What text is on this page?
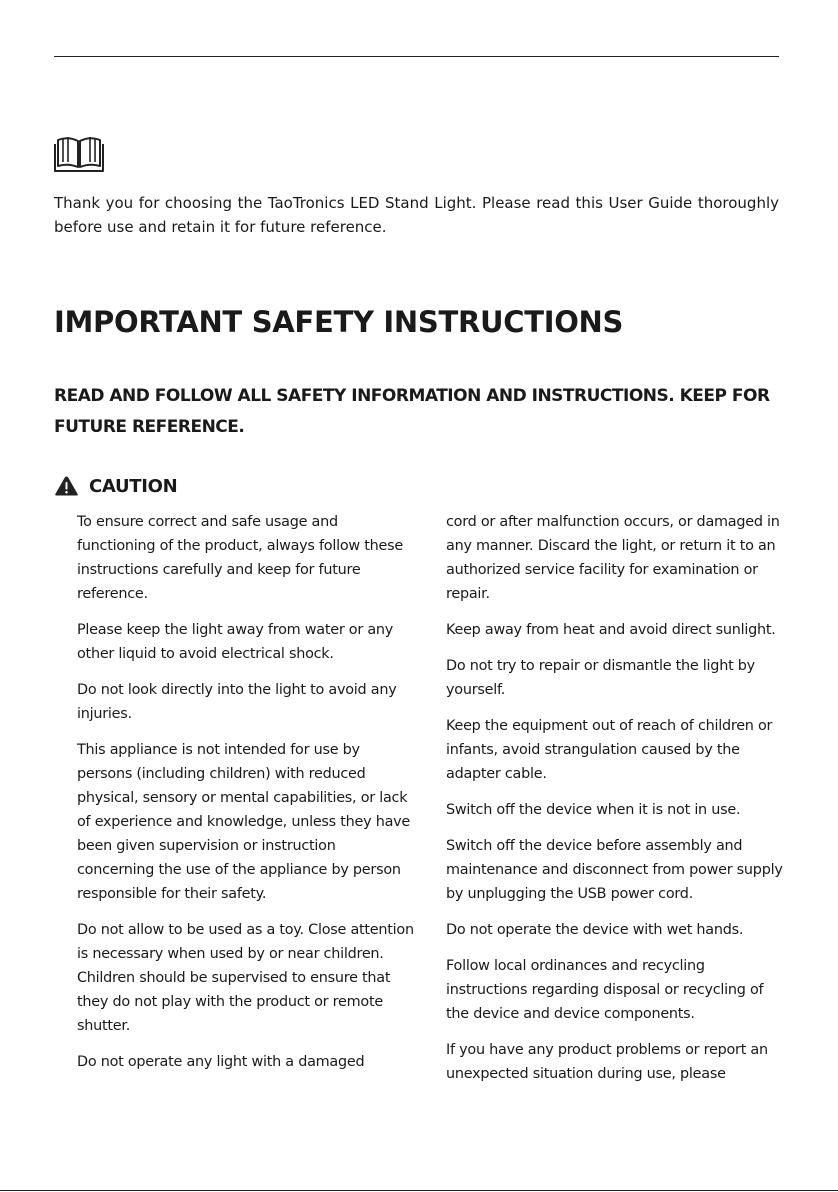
Thank you for choosing the TaoTronics LED Stand Light. Please read this User Guide thoroughly before use and retain it for future reference.

IMPORTANT SAFETY INSTRUCTIONS
READ AND FOLLOW ALL SAFETY INFORMATION AND INSTRUCTIONS. KEEP FOR FUTURE REFERENCE.
CAUTION

To ensure correct and safe usage and functioning of the product, always follow these instructions carefully and keep for future reference.

Please keep the light away from water or any other liquid to avoid electrical shock.

Do not look directly into the light to avoid any injuries.

This appliance is not intended for use by persons (including children) with reduced physical, sensory or mental capabilities, or lack of experience and knowledge, unless they have been given supervision or instruction concerning the use of the appliance by person responsible for their safety.

Do not allow to be used as a toy. Close attention is necessary when used by or near children. Children should be supervised to ensure that they do not play with the product or remote shutter.

Do not operate any light with a damaged

cord or after malfunction occurs, or damaged in any manner. Discard the light, or return it to an authorized service facility for examination or repair.

Keep away from heat and avoid direct sunlight.

Do not try to repair or dismantle the light by yourself.

Keep the equipment out of reach of children or infants, avoid strangulation caused by the adapter cable.

Switch off the device when it is not in use.

Switch off the device before assembly and maintenance and disconnect from power supply by unplugging the USB power cord.

Do not operate the device with wet hands.

Follow local ordinances and recycling instructions regarding disposal or recycling of the device and device components.

If you have any product problems or report an unexpected situation during use, please
